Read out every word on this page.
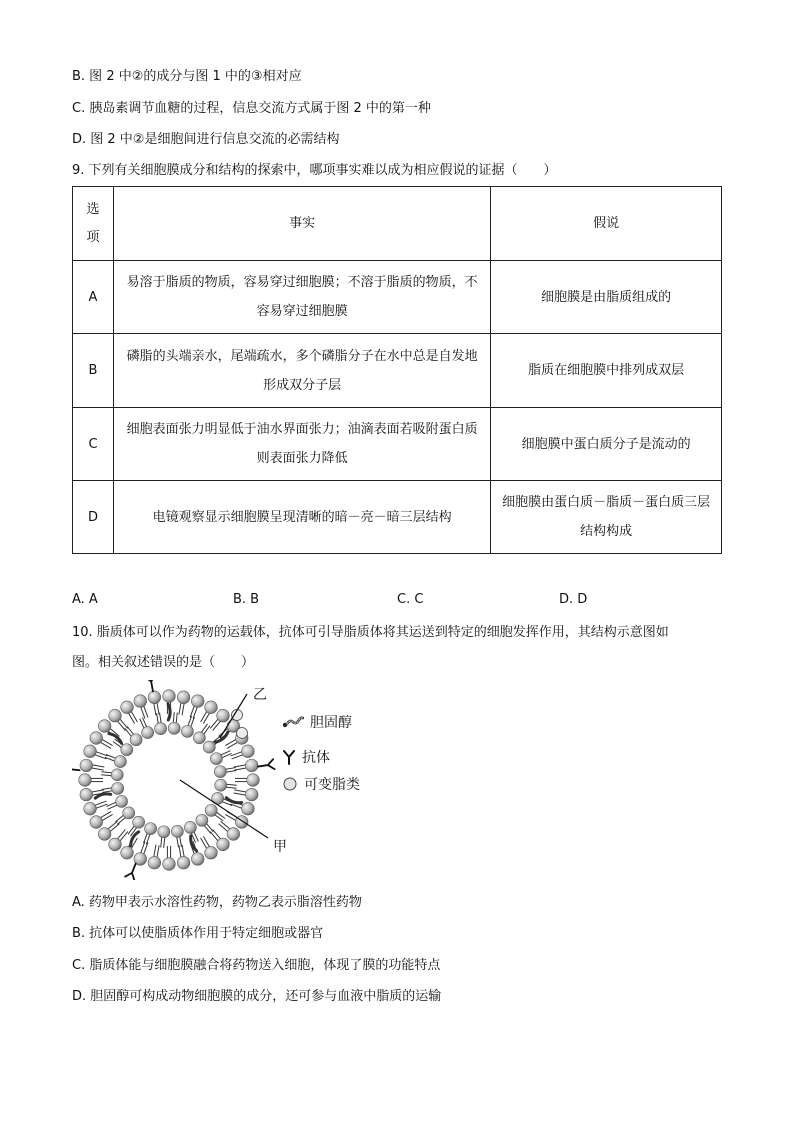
B. 图 2 中②的成分与图 1 中的③相对应
C. 胰岛素调节血糖的过程，信息交流方式属于图 2 中的第一种
D. 图 2 中②是细胞间进行信息交流的必需结构
9. 下列有关细胞膜成分和结构的探索中，哪项事实难以成为相应假说的证据（　　）
选项	事实	假说
A	易溶于脂质的物质，容易穿过细胞膜；不溶于脂质的物质，不容易穿过细胞膜	细胞膜是由脂质组成的
B	磷脂的头端亲水，尾端疏水，多个磷脂分子在水中总是自发地形成双分子层	脂质在细胞膜中排列成双层
C	细胞表面张力明显低于油水界面张力；油滴表面若吸附蛋白质则表面张力降低	细胞膜中蛋白质分子是流动的
D	电镜观察显示细胞膜呈现清晰的暗－亮－暗三层结构	细胞膜由蛋白质－脂质－蛋白质三层结构构成
A. A	B. B	C. C	D. D
10. 脂质体可以作为药物的运载体，抗体可引导脂质体将其运送到特定的细胞发挥作用，其结构示意图如
图。相关叙述错误的是（　　）
乙
甲
胆固醇
抗体
可变脂类
A. 药物甲表示水溶性药物，药物乙表示脂溶性药物
B. 抗体可以使脂质体作用于特定细胞或器官
C. 脂质体能与细胞膜融合将药物送入细胞，体现了膜的功能特点
D. 胆固醇可构成动物细胞膜的成分，还可参与血液中脂质的运输
